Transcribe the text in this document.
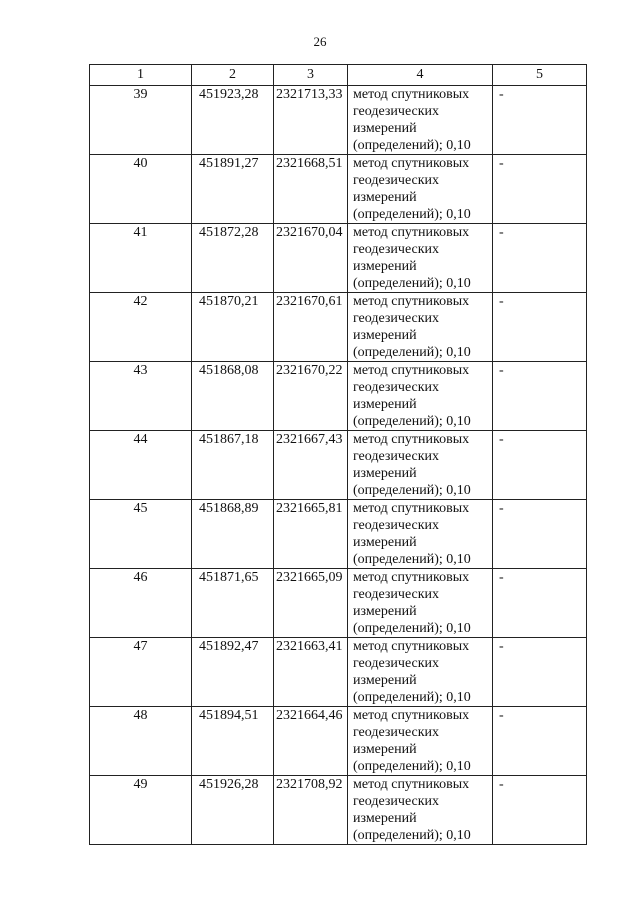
26
1	2	3	4	5
39	451923,28	2321713,33	метод спутниковых
геодезических
измерений
(определений); 0,10	-
40	451891,27	2321668,51	метод спутниковых
геодезических
измерений
(определений); 0,10	-
41	451872,28	2321670,04	метод спутниковых
геодезических
измерений
(определений); 0,10	-
42	451870,21	2321670,61	метод спутниковых
геодезических
измерений
(определений); 0,10	-
43	451868,08	2321670,22	метод спутниковых
геодезических
измерений
(определений); 0,10	-
44	451867,18	2321667,43	метод спутниковых
геодезических
измерений
(определений); 0,10	-
45	451868,89	2321665,81	метод спутниковых
геодезических
измерений
(определений); 0,10	-
46	451871,65	2321665,09	метод спутниковых
геодезических
измерений
(определений); 0,10	-
47	451892,47	2321663,41	метод спутниковых
геодезических
измерений
(определений); 0,10	-
48	451894,51	2321664,46	метод спутниковых
геодезических
измерений
(определений); 0,10	-
49	451926,28	2321708,92	метод спутниковых
геодезических
измерений
(определений); 0,10	-
